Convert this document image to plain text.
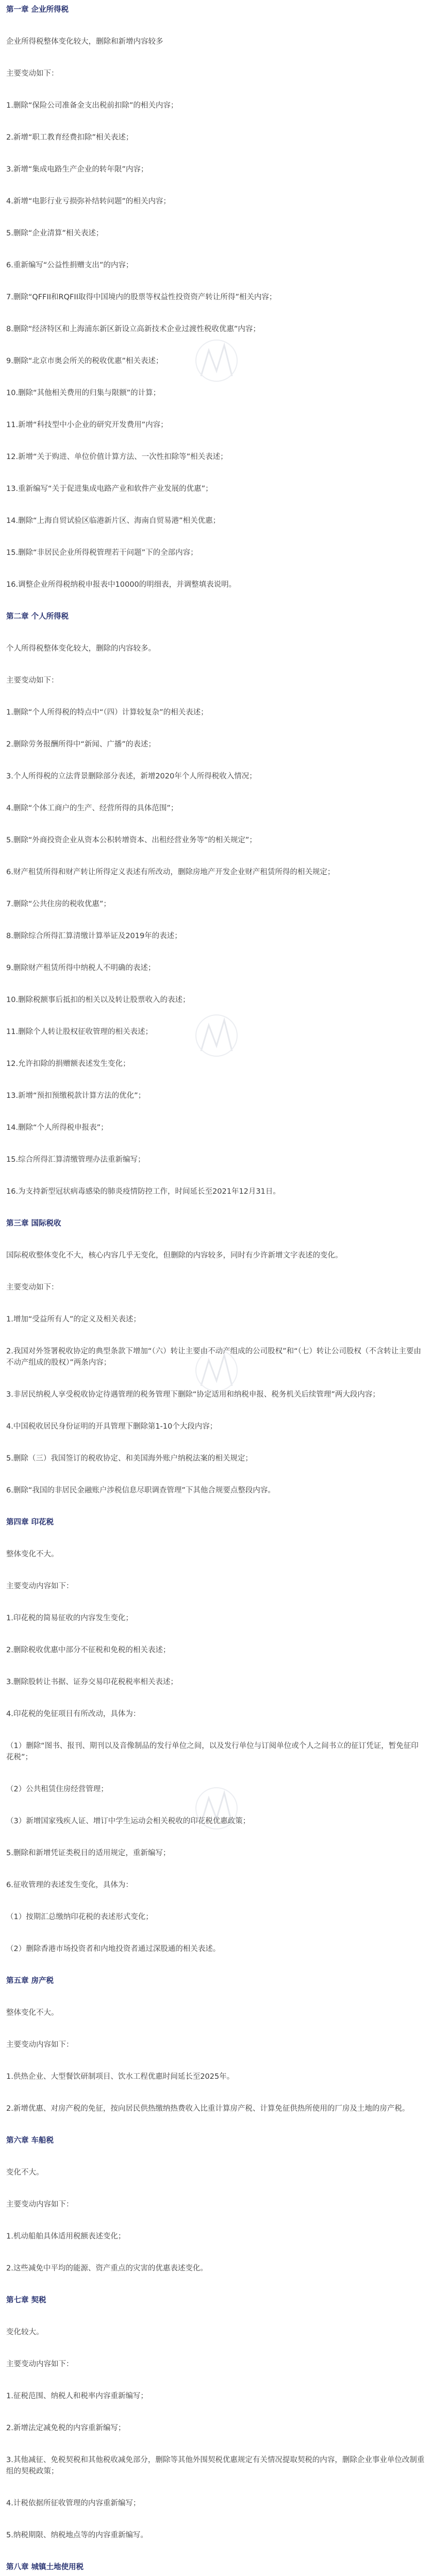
第一章 企业所得税

企业所得税整体变化较大，删除和新增内容较多

主要变动如下：

1.删除“保险公司准备金支出税前扣除”的相关内容；

2.新增“职工教育经费扣除”相关表述；

3.新增“集成电路生产企业的转年限”内容；

4.新增“电影行业亏损弥补结转问题”的相关内容；

5.删除“企业清算”相关表述；

6.重新编写“公益性捐赠支出”的内容；

7.删除“QFFII和RQFII取得中国境内的股票等权益性投资资产转让所得”相关内容；

8.删除“经济特区和上海浦东新区新设立高新技术企业过渡性税收优惠”内容；

9.删除“北京市奥会所关的税收优惠”相关表述；

10.删除“其他相关费用的归集与限额”的计算；

11.新增“科技型中小企业的研究开发费用”内容；

12.新增“关于购进、单位价值计算方法、一次性扣除等”相关表述；

13.重新编写“关于促进集成电路产业和软件产业发展的优惠”；

14.删除“上海自贸试验区临港新片区、海南自贸易港”相关优惠；

15.删除“非居民企业所得税管理若干问题”下的全部内容；

16.调整企业所得税纳税申报表中10000的明细表，并调整填表说明。

第二章 个人所得税

个人所得税整体变化较大，删除的内容较多。

主要变动如下：

1.删除“个人所得税的特点中“（四）计算较复杂”的相关表述；

2.删除劳务报酬所得中“新闻、广播”的表述；

3.个人所得税的立法背景删除部分表述，新增2020年个人所得税收入情况；

4.删除“个体工商户的生产、经营所得的具体范围”；

5.删除“外商投资企业从资本公积转增资本、出租经营业务等”的相关规定”；

6.财产租赁所得和财产转让所得定义表述有所改动，删除房地产开发企业财产租赁所得的相关规定；

7.删除“公共住房的税收优惠”；

8.删除综合所得汇算清缴计算举证及2019年的表述；

9.删除财产租赁所得中纳税人不明确的表述；

10.删除税额事后抵扣的相关以及转让股票收入的表述；

11.删除个人转让股权征收管理的相关表述；

12.允许扣除的捐赠额表述发生变化；

13.新增“预扣预缴税款计算方法的优化”；

14.删除“个人所得税申报表”；

15.综合所得汇算清缴管理办法重新编写；

16.为支持新型冠状病毒感染的肺炎疫情防控工作，时间延长至2021年12月31日。

第三章 国际税收

国际税收整体变化不大，核心内容几乎无变化，但删除的内容较多，同时有少许新增文字表述的变化。

主要变动如下：

1.增加“受益所有人”的定义及相关表述；

2.我国对外签署税收协定的典型条款下增加“（六）转让主要由不动产组成的公司股权”和“（七）转让公司股权（不含转让主要由不动产组成的股权）”两条内容；

3.非居民纳税人享受税收协定待遇管理的税务管理下删除“协定适用和纳税申报、税务机关后续管理”两大段内容；

4.中国税收居民身份证明的开具管理下删除第1-10个大段内容；

5.删除（三）我国签订的税收协定、和美国海外账户纳税法案的相关规定；

6.删除“我国的非居民金融账户涉税信息尽职调查管理”下其他合规要点整段内容。

第四章 印花税

整体变化不大。

主要变动内容如下：

1.印花税的简易征收的内容发生变化；

2.删除税收优惠中部分不征税和免税的相关表述；

3.删除股转让书据、证券交易印花税税率相关表述；

4.印花税的免征项目有所改动，具体为：

（1）删除“图书、报刊、期刊以及音像制品的发行单位之间，以及发行单位与订阅单位或个人之间书立的征订凭证，暂免征印花税”；

（2）公共租赁住房经营管理；

（3）新增国家残疾人证、增订中学生运动会相关税收的印花税优惠政策；

5.删除和新增凭证类税目的适用规定，重新编写；

6.征收管理的表述发生变化，具体为：

（1）按期汇总缴纳印花税的表述形式变化；

（2）删除香港市场投资者和内地投资者通过深股通的相关表述。

第五章 房产税

整体变化不大。

主要变动内容如下：

1.供热企业、大型餐饮研制项目、饮水工程优惠时间延长至2025年。

2.新增优惠、对房产税的免征，按向居民供热缴纳热费收入比重计算房产税、计算免征供热所使用的厂房及土地的房产税。

第六章 车船税

变化不大。

主要变动内容如下：

1.机动船舶具体适用税额表述变化；

2.这些减免中平均的能源、资产重点的灾害的优惠表述变化。

第七章 契税

变化较大。

主要变动内容如下：

1.征税范围、纳税人和税率内容重新编写；

2.新增法定减免税的内容重新编写；

3.其他减征、免税契税和其他税收减免部分，删除等其他外围契税优惠规定有关情况提取契税的内容，删除企业事业单位改制重组的契税政策；

4.计税依据所征收管理的内容重新编写；

5.纳税期限、纳税地点等的内容重新编写。

第八章 城镇土地使用税
